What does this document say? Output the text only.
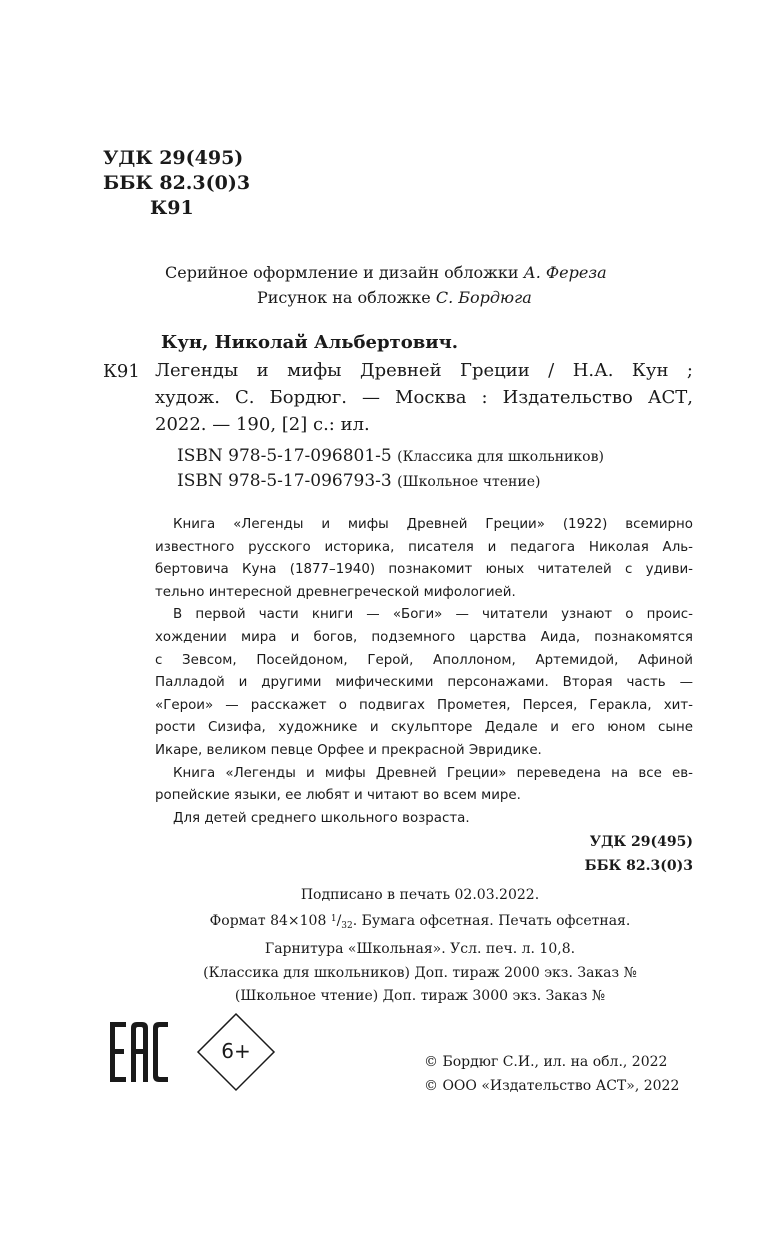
УДК 29(495)
ББК 82.3(0)3
К91
Серийное оформление и дизайн обложки А. Фереза
Рисунок на обложке С. Бордюга
Кун, Николай Альбертович.
К91 Легенды и мифы Древней Греции / Н.А. Кун ;
худож. С. Бордюг. — Москва : Издательство АСТ,
2022. — 190, [2] с.: ил.
ISBN 978-5-17-096801-5 (Классика для школьников)
ISBN 978-5-17-096793-3 (Школьное чтение)
Книга «Легенды и мифы Древней Греции» (1922) всемирно
известного русского историка, писателя и педагога Николая Аль-
бертовича Куна (1877–1940) познакомит юных читателей с удиви-
тельно интересной древнегреческой мифологией.
В первой части книги — «Боги» — читатели узнают о проис-
хождении мира и богов, подземного царства Аида, познакомятся
с Зевсом, Посейдоном, Герой, Аполлоном, Артемидой, Афиной
Палладой и другими мифическими персонажами. Вторая часть —
«Герои» — расскажет о подвигах Прометея, Персея, Геракла, хит-
рости Сизифа, художнике и скульпторе Дедале и его юном сыне
Икаре, великом певце Орфее и прекрасной Эвридике.
Книга «Легенды и мифы Древней Греции» переведена на все ев-
ропейские языки, ее любят и читают во всем мире.
Для детей среднего школьного возраста.
УДК 29(495)
ББК 82.3(0)3
Подписано в печать 02.03.2022.
Формат 84×108 $^1/_{32}$. Бумага офсетная. Печать офсетная.
Гарнитура «Школьная». Усл. печ. л. 10,8.
(Классика для школьников) Доп. тираж 2000 экз. Заказ №
(Школьное чтение) Доп. тираж 3000 экз. Заказ №
6+	© Бордюг С.И., ил. на обл., 2022
© ООО «Издательство АСТ», 2022
